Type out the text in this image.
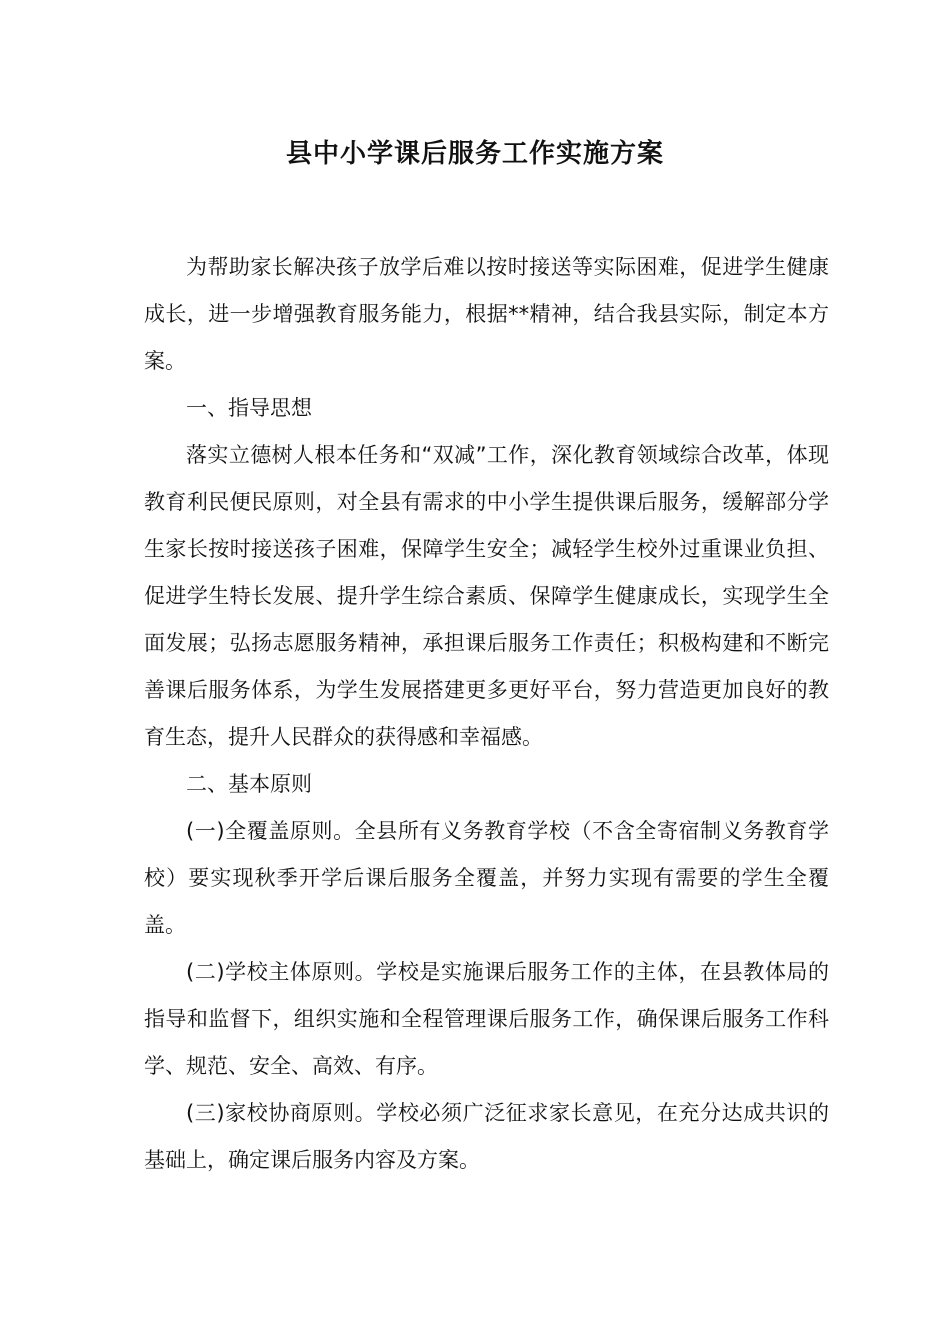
县中小学课后服务工作实施方案

为帮助家长解决孩子放学后难以按时接送等实际困难，促进学生健康成长，进一步增强教育服务能力，根据**精神，结合我县实际，制定本方案。

一、指导思想

落实立德树人根本任务和“双减”工作，深化教育领域综合改革，体现教育利民便民原则，对全县有需求的中小学生提供课后服务，缓解部分学生家长按时接送孩子困难，保障学生安全；减轻学生校外过重课业负担、促进学生特长发展、提升学生综合素质、保障学生健康成长，实现学生全面发展；弘扬志愿服务精神，承担课后服务工作责任；积极构建和不断完善课后服务体系，为学生发展搭建更多更好平台，努力营造更加良好的教育生态，提升人民群众的获得感和幸福感。

二、基本原则

(一)全覆盖原则。全县所有义务教育学校（不含全寄宿制义务教育学校）要实现秋季开学后课后服务全覆盖，并努力实现有需要的学生全覆盖。

(二)学校主体原则。学校是实施课后服务工作的主体，在县教体局的指导和监督下，组织实施和全程管理课后服务工作，确保课后服务工作科学、规范、安全、高效、有序。

(三)家校协商原则。学校必须广泛征求家长意见，在充分达成共识的基础上，确定课后服务内容及方案。
